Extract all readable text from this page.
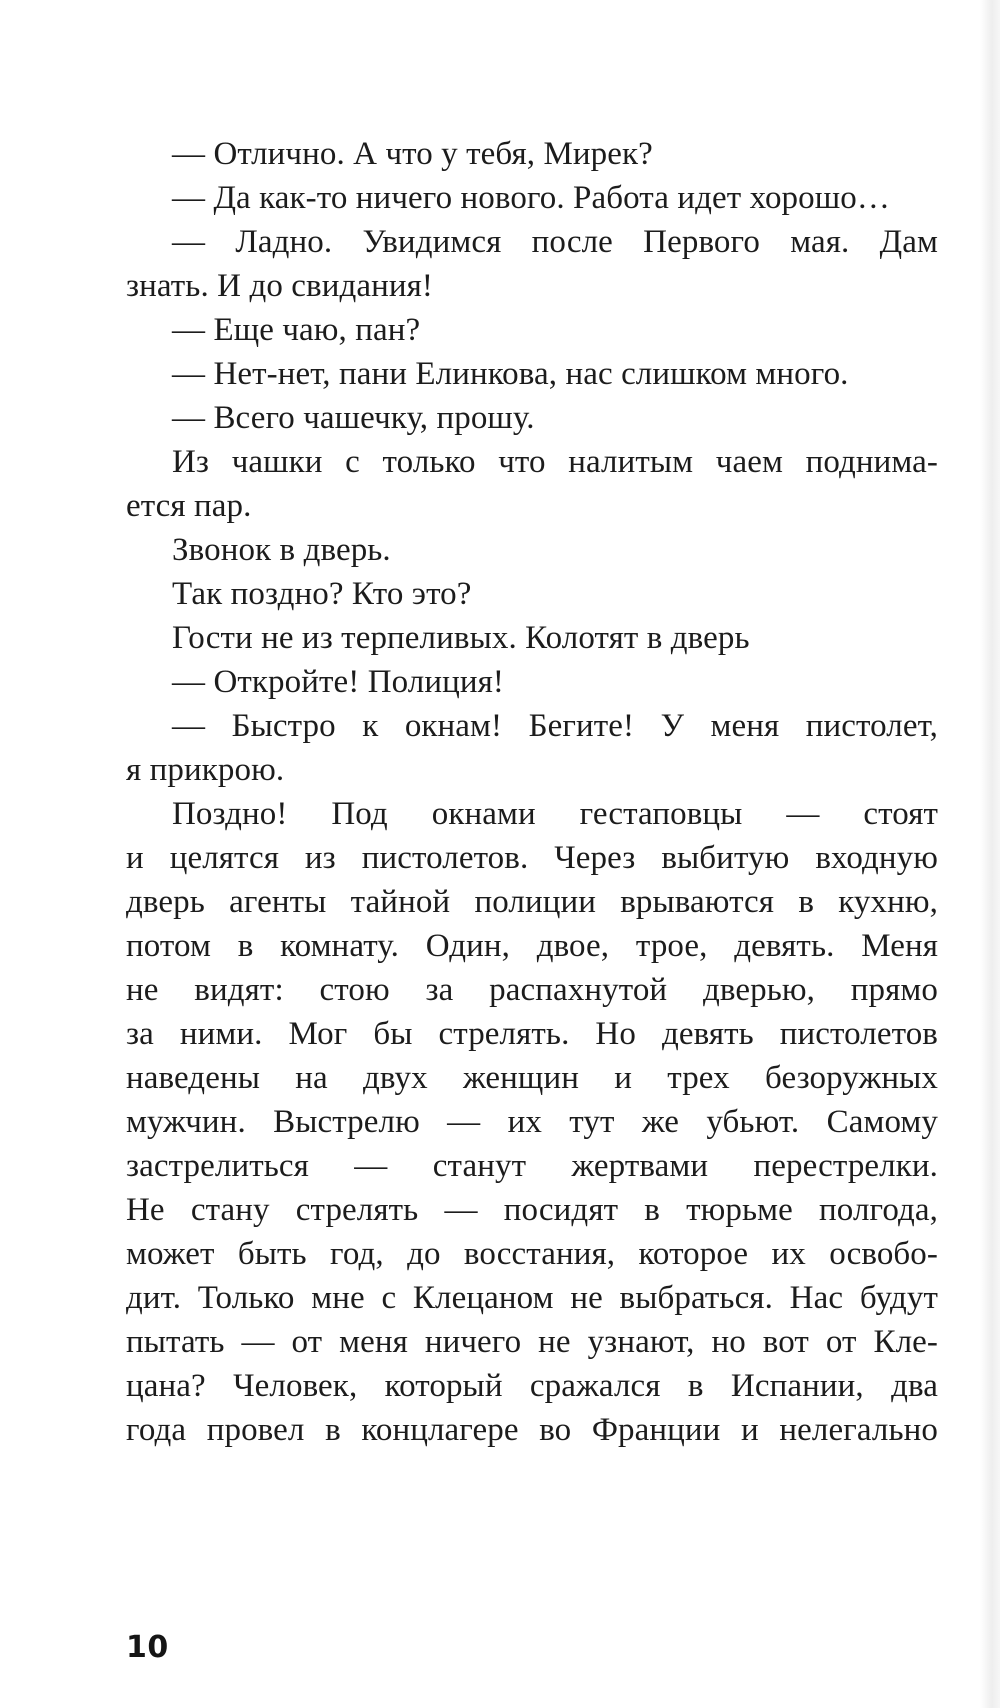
— Отлично. А что у тебя, Мирек?
— Да как-то ничего нового. Работа идет хорошо…
— Ладно. Увидимся после Первого мая. Дам
знать. И до свидания!
— Еще чаю, пан?
— Нет-нет, пани Елинкова, нас слишком много.
— Всего чашечку, прошу.
Из чашки с только что налитым чаем поднима-
ется пар.
Звонок в дверь.
Так поздно? Кто это?
Гости не из терпеливых. Колотят в дверь
— Откройте! Полиция!
— Быстро к окнам! Бегите! У меня пистолет,
я прикрою.
Поздно! Под окнами гестаповцы — стоят
и целятся из пистолетов. Через выбитую входную
дверь агенты тайной полиции врываются в кухню,
потом в комнату. Один, двое, трое, девять. Меня
не видят: стою за распахнутой дверью, прямо
за ними. Мог бы стрелять. Но девять пистолетов
наведены на двух женщин и трех безоружных
мужчин. Выстрелю — их тут же убьют. Самому
застрелиться — станут жертвами перестрелки.
Не стану стрелять — посидят в тюрьме полгода,
может быть год, до восстания, которое их освобо-
дит. Только мне с Клецаном не выбраться. Нас будут
пытать — от меня ничего не узнают, но вот от Кле-
цана? Человек, который сражался в Испании, два
года провел в концлагере во Франции и нелегально
10
